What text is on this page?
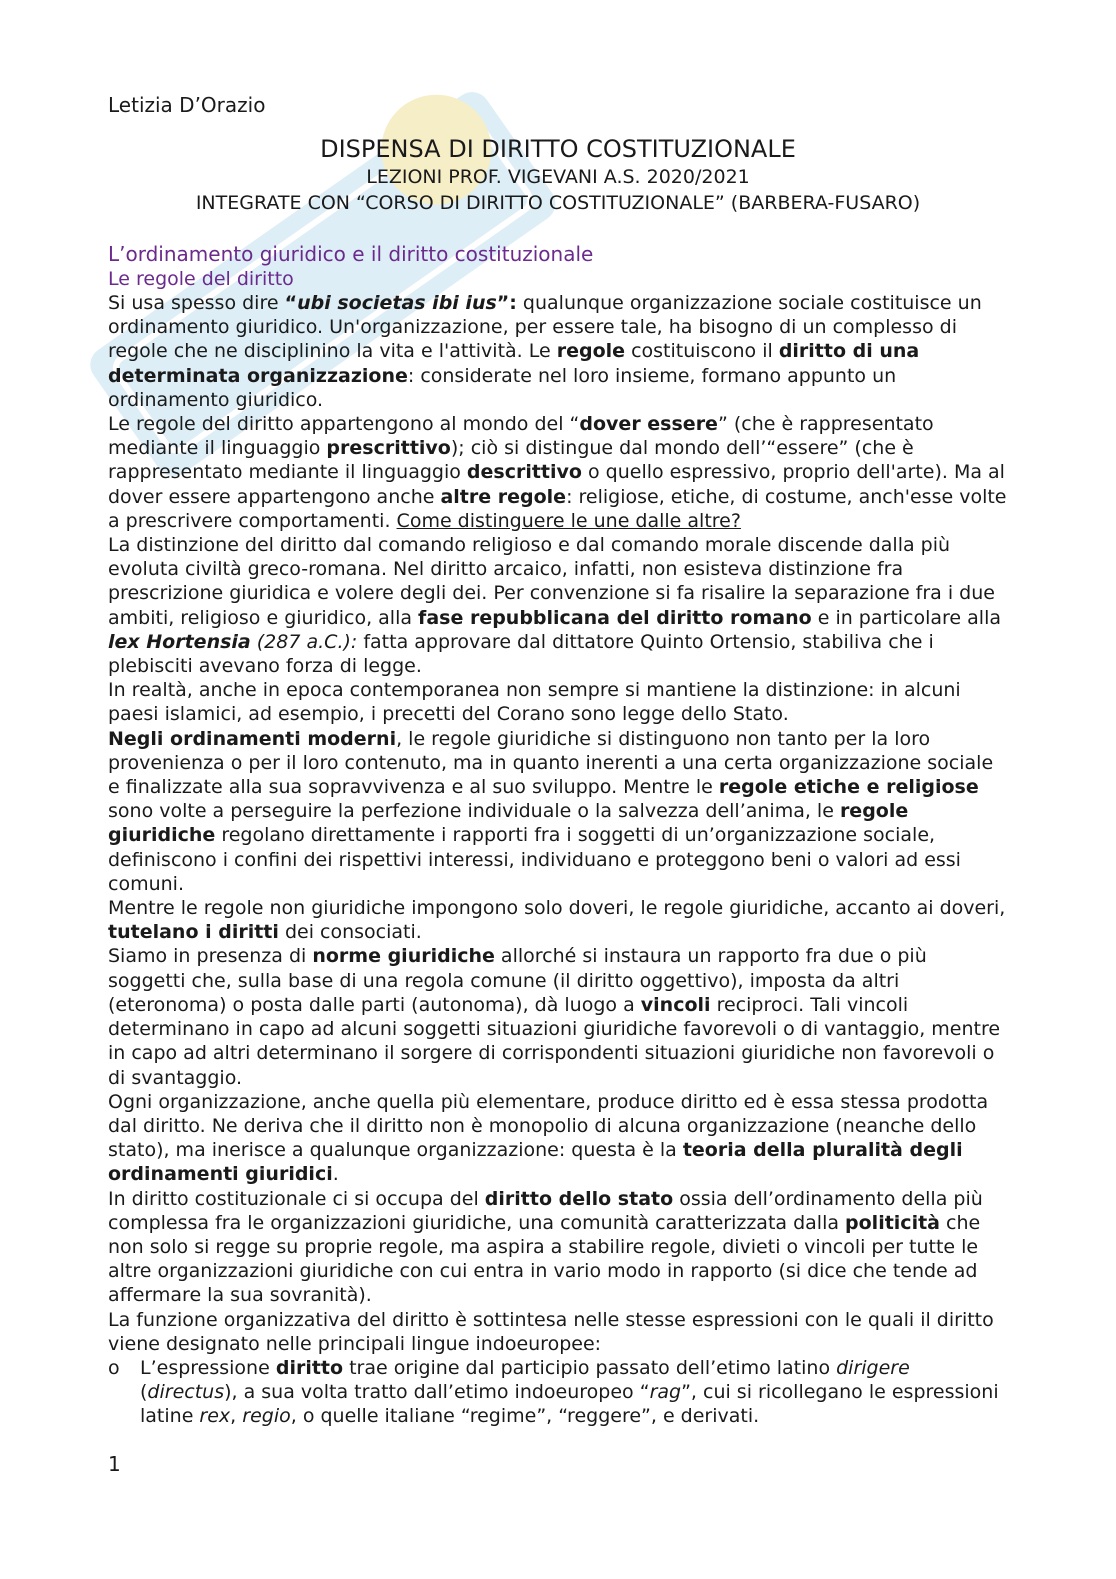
Letizia D’Orazio
DISPENSA DI DIRITTO COSTITUZIONALE
LEZIONI PROF. VIGEVANI A.S. 2020/2021
INTEGRATE CON “CORSO DI DIRITTO COSTITUZIONALE” (BARBERA-FUSARO)
L’ordinamento giuridico e il diritto costituzionale
Le regole del diritto

Si usa spesso dire “ubi societas ibi ius”: qualunque organizzazione sociale costituisce un ordinamento giuridico. Un'organizzazione, per essere tale, ha bisogno di un complesso di regole che ne disciplinino la vita e l'attività. Le regole costituiscono il diritto di una determinata organizzazione: considerate nel loro insieme, formano appunto un ordinamento giuridico.

Le regole del diritto appartengono al mondo del “dover essere” (che è rappresentato mediante il linguaggio prescrittivo); ciò si distingue dal mondo dell’“essere” (che è rappresentato mediante il linguaggio descrittivo o quello espressivo, proprio dell'arte). Ma al dover essere appartengono anche altre regole: religiose, etiche, di costume, anch'esse volte a prescrivere comportamenti. Come distinguere le une dalle altre?

La distinzione del diritto dal comando religioso e dal comando morale discende dalla più evoluta civiltà greco-romana. Nel diritto arcaico, infatti, non esisteva distinzione fra prescrizione giuridica e volere degli dei. Per convenzione si fa risalire la separazione fra i due ambiti, religioso e giuridico, alla fase repubblicana del diritto romano e in particolare alla lex Hortensia (287 a.C.): fatta approvare dal dittatore Quinto Ortensio, stabiliva che i plebisciti avevano forza di legge.

In realtà, anche in epoca contemporanea non sempre si mantiene la distinzione: in alcuni paesi islamici, ad esempio, i precetti del Corano sono legge dello Stato.

Negli ordinamenti moderni, le regole giuridiche si distinguono non tanto per la loro provenienza o per il loro contenuto, ma in quanto inerenti a una certa organizzazione sociale e finalizzate alla sua sopravvivenza e al suo sviluppo. Mentre le regole etiche e religiose sono volte a perseguire la perfezione individuale o la salvezza dell’anima, le regole giuridiche regolano direttamente i rapporti fra i soggetti di un’organizzazione sociale, definiscono i confini dei rispettivi interessi, individuano e proteggono beni o valori ad essi comuni.

Mentre le regole non giuridiche impongono solo doveri, le regole giuridiche, accanto ai doveri, tutelano i diritti dei consociati.

Siamo in presenza di norme giuridiche allorché si instaura un rapporto fra due o più soggetti che, sulla base di una regola comune (il diritto oggettivo), imposta da altri (eteronoma) o posta dalle parti (autonoma), dà luogo a vincoli reciproci. Tali vincoli determinano in capo ad alcuni soggetti situazioni giuridiche favorevoli o di vantaggio, mentre in capo ad altri determinano il sorgere di corrispondenti situazioni giuridiche non favorevoli o di svantaggio.

Ogni organizzazione, anche quella più elementare, produce diritto ed è essa stessa prodotta dal diritto. Ne deriva che il diritto non è monopolio di alcuna organizzazione (neanche dello stato), ma inerisce a qualunque organizzazione: questa è la teoria della pluralità degli ordinamenti giuridici.

In diritto costituzionale ci si occupa del diritto dello stato ossia dell’ordinamento della più complessa fra le organizzazioni giuridiche, una comunità caratterizzata dalla politicità che non solo si regge su proprie regole, ma aspira a stabilire regole, divieti o vincoli per tutte le altre organizzazioni giuridiche con cui entra in vario modo in rapporto (si dice che tende ad affermare la sua sovranità).

La funzione organizzativa del diritto è sottintesa nelle stesse espressioni con le quali il diritto viene designato nelle principali lingue indoeuropee:

o L’espressione diritto trae origine dal participio passato dell’etimo latino dirigere (directus), a sua volta tratto dall’etimo indoeuropeo “rag”, cui si ricollegano le espressioni latine rex, regio, o quelle italiane “regime”, “reggere”, e derivati.
1
